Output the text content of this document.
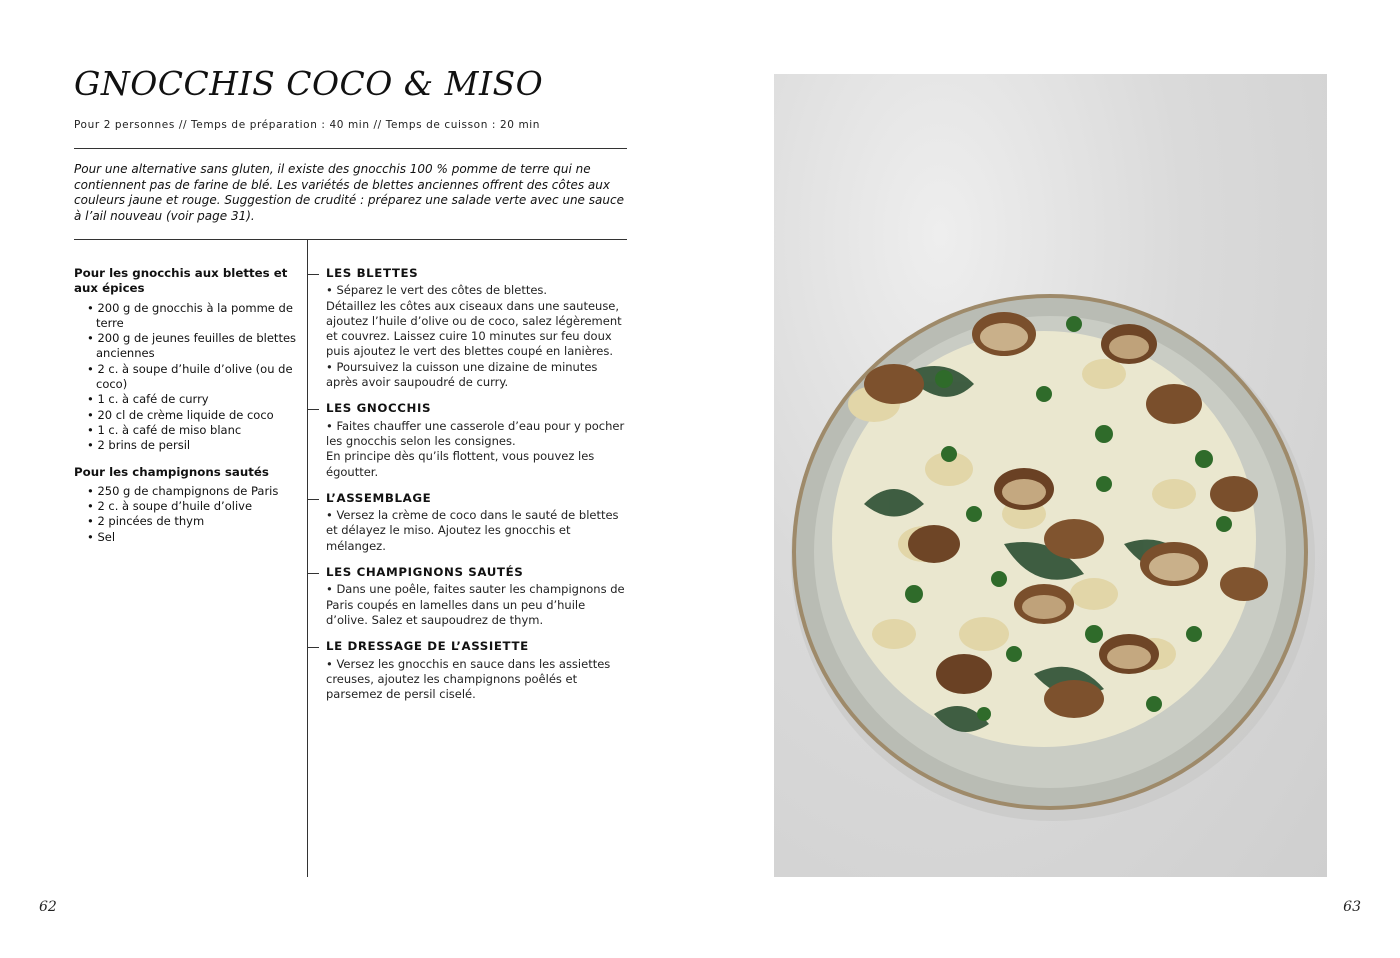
GNOCCHIS COCO & MISO
Pour 2 personnes // Temps de préparation : 40 min // Temps de cuisson : 20 min

Pour une alternative sans gluten, il existe des gnocchis 100 % pomme de terre qui ne contiennent pas de farine de blé. Les variétés de blettes anciennes offrent des côtes aux couleurs jaune et rouge. Suggestion de crudité : préparez une salade verte avec une sauce à l’ail nouveau (voir page 31).

Pour les gnocchis aux blettes et aux épices
• 200 g de gnocchis à la pomme de terre
• 200 g de jeunes feuilles de blettes anciennes
• 2 c. à soupe d’huile d’olive (ou de coco)
• 1 c. à café de curry
• 20 cl de crème liquide de coco
• 1 c. à café de miso blanc
• 2 brins de persil
Pour les champignons sautés
• 250 g de champignons de Paris
• 2 c. à soupe d’huile d’olive
• 2 pincées de thym
• Sel
LES BLETTES

• Séparez le vert des côtes de blettes.
Détaillez les côtes aux ciseaux dans une sauteuse, ajoutez l’huile d’olive ou de coco, salez légèrement et couvrez. Laissez cuire 10 minutes sur feu doux puis ajoutez le vert des blettes coupé en lanières.
• Poursuivez la cuisson une dizaine de minutes après avoir saupoudré de curry.

LES GNOCCHIS

• Faites chauffer une casserole d’eau pour y pocher les gnocchis selon les consignes.
En principe dès qu’ils flottent, vous pouvez les égoutter.

L’ASSEMBLAGE

• Versez la crème de coco dans le sauté de blettes et délayez le miso. Ajoutez les gnocchis et mélangez.

LES CHAMPIGNONS SAUTÉS

• Dans une poêle, faites sauter les champignons de Paris coupés en lamelles dans un peu d’huile d’olive. Salez et saupoudrez de thym.

LE DRESSAGE DE L’ASSIETTE

• Versez les gnocchis en sauce dans les assiettes creuses, ajoutez les champignons poêlés et parsemez de persil ciselé.

62	63
